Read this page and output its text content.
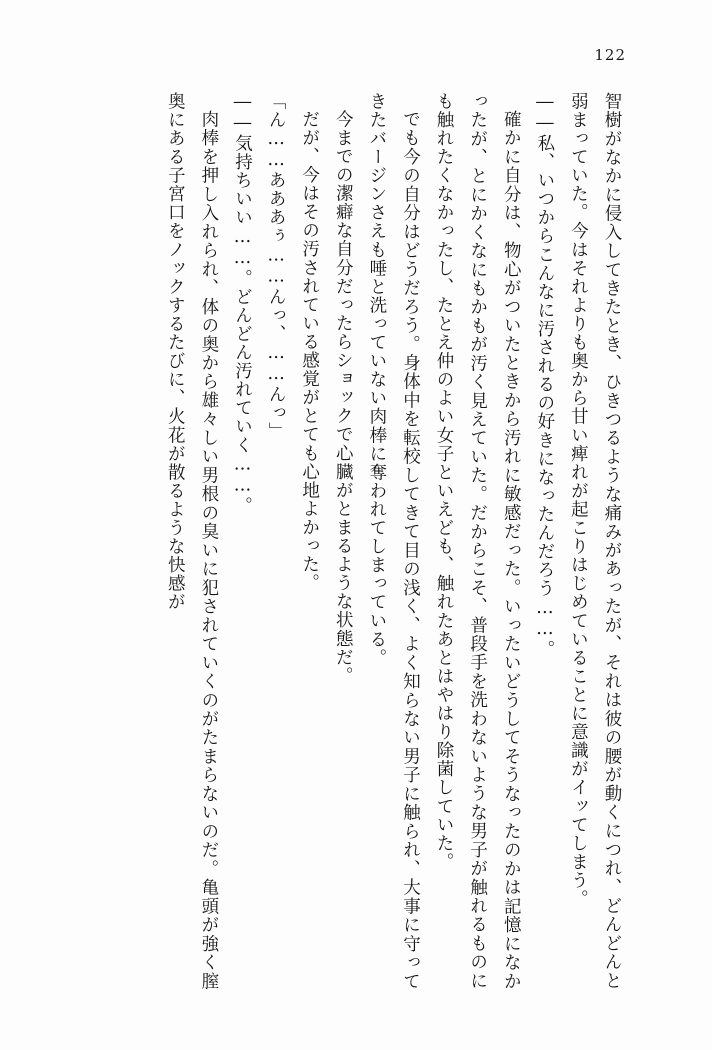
122

智樹がなかに侵入してきたとき、ひきつるような痛みがあったが、それは彼の腰が動くにつれ、どんどんと弱まっていた。今はそれよりも奥から甘い痺れが起こりはじめていることに意識がイッてしまう。

――私、いつからこんなに汚されるの好きになったんだろう……。

確かに自分は、物心がついたときから汚れに敏感だった。いったいどうしてそうなったのかは記憶になかったが、とにかくなにもかもが汚く見えていた。だからこそ、普段手を洗わないような男子が触れるものにも触れたくなかったし、たとえ仲のよい女子といえども、触れたあとはやはり除菌していた。

でも今の自分はどうだろう。身体中を転校してきて目の浅く、よく知らない男子に触られ、大事に守ってきたバージンさえも唾と洗っていない肉棒に奪われてしまっている。

今までの潔癖な自分だったらショックで心臓がとまるような状態だ。

だが、今はその汚されている感覚がとても心地よかった。

「ん……あああぅ……んっ、……んっ」

――気持ちいい……。どんどん汚れていく……。

肉棒を押し入れられ、体の奥から雄々しい男根の臭いに犯されていくのがたまらないのだ。亀頭が強く膣奥にある子宮口をノックするたびに、火花が散るような快感が
